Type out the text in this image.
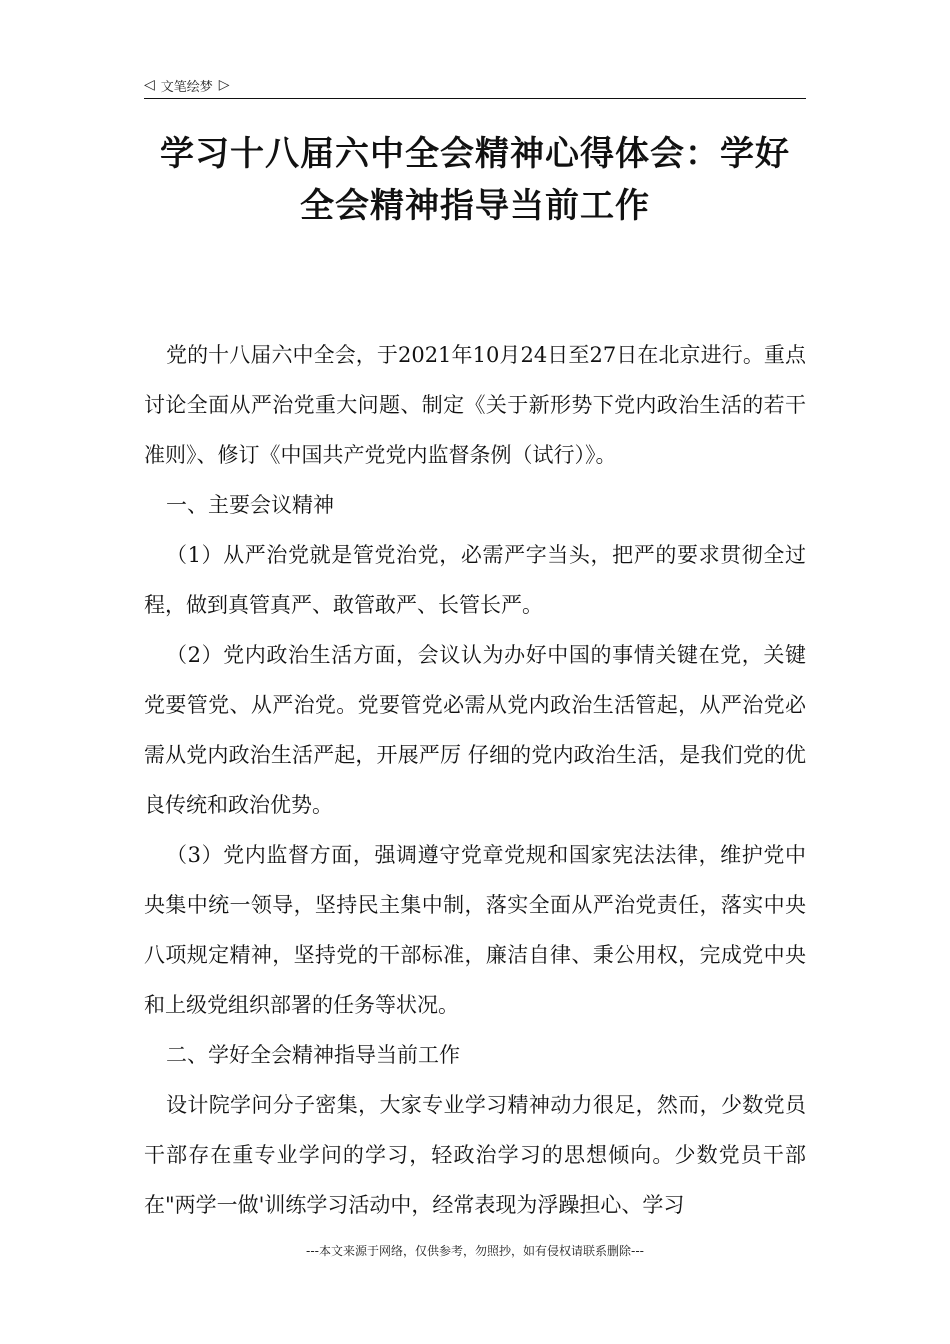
◁ 文笔绘梦 ▷
学习十八届六中全会精神心得体会：学好
全会精神指导当前工作

党的十八届六中全会，于2021年10月24日至27日在北京进行。重点讨论全面从严治党重大问题、制定《关于新形势下党内政治生活的若干准则》、修订《中国共产党党内监督条例（试行）》。

一、主要会议精神

（1）从严治党就是管党治党，必需严字当头，把严的要求贯彻全过程，做到真管真严、敢管敢严、长管长严。

（2）党内政治生活方面，会议认为办好中国的事情关键在党，关键党要管党、从严治党。党要管党必需从党内政治生活管起，从严治党必需从党内政治生活严起，开展严厉 仔细的党内政治生活，是我们党的优良传统和政治优势。

（3）党内监督方面，强调遵守党章党规和国家宪法法律，维护党中央集中统一领导，坚持民主集中制，落实全面从严治党责任，落实中央八项规定精神，坚持党的干部标准，廉洁自律、秉公用权，完成党中央和上级党组织部署的任务等状况。

二、学好全会精神指导当前工作

设计院学问分子密集，大家专业学习精神动力很足，然而，少数党员干部存在重专业学问的学习，轻政治学习的思想倾向。少数党员干部在"两学一做'训练学习活动中，经常表现为浮躁担心、学习

---本文来源于网络，仅供参考，勿照抄，如有侵权请联系删除---
